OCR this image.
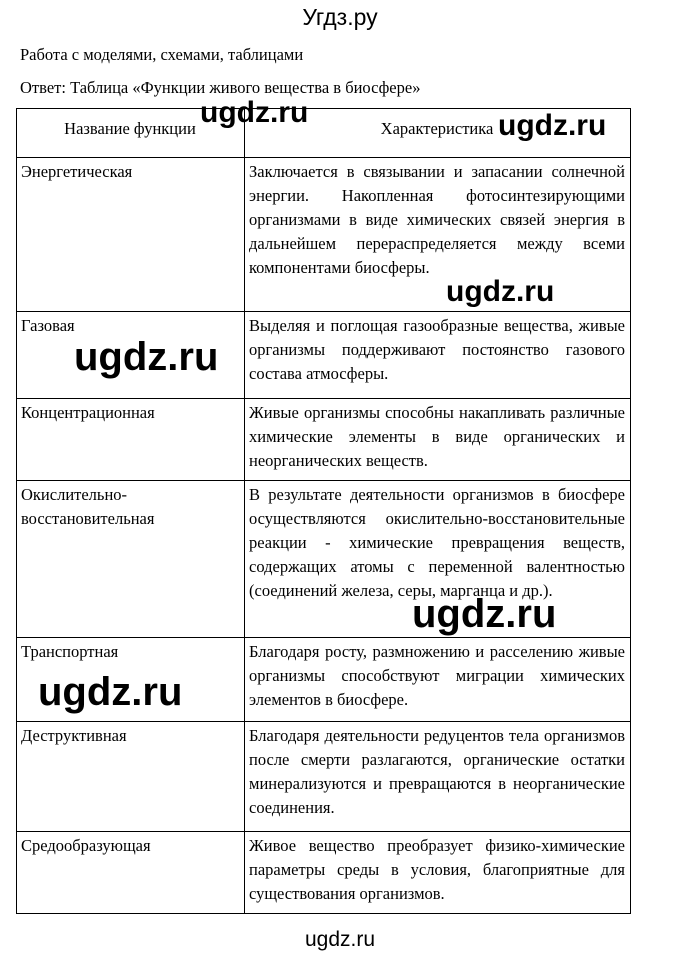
Угдз.ру
Работа с моделями, схемами, таблицами
Ответ: Таблица «Функции живого вещества в биосфере»
Название функции	Характеристика
Энергетическая	Заключается в связывании и запасании солнечной энергии. Накопленная фотосинтезирующими организмами в виде химических связей энергия в дальнейшем перераспределяется между всеми компонентами биосферы.
Газовая	Выделяя и поглощая газообразные вещества, живые организмы поддерживают постоянство газового состава атмосферы.
Концентрационная	Живые организмы способны накапливать различные химические элементы в виде органических и неорганических веществ.
Окислительно-восстановительная	В результате деятельности организмов в биосфере осуществляются окислительно-восстановительные реакции - химические превращения веществ, содержащих атомы с переменной валентностью (соединений железа, серы, марганца и др.).
Транспортная	Благодаря росту, размножению и расселению живые организмы способствуют миграции химических элементов в биосфере.
Деструктивная	Благодаря деятельности редуцентов тела организмов после смерти разлагаются, органические остатки минерализуются и превращаются в неорганические соединения.
Средообразующая	Живое вещество преобразует физико-химические параметры среды в условия, благоприятные для существования организмов.
ugdz.ru	ugdz.ru
ugdz.ru
ugdz.ru
ugdz.ru
ugdz.ru
ugdz.ru
